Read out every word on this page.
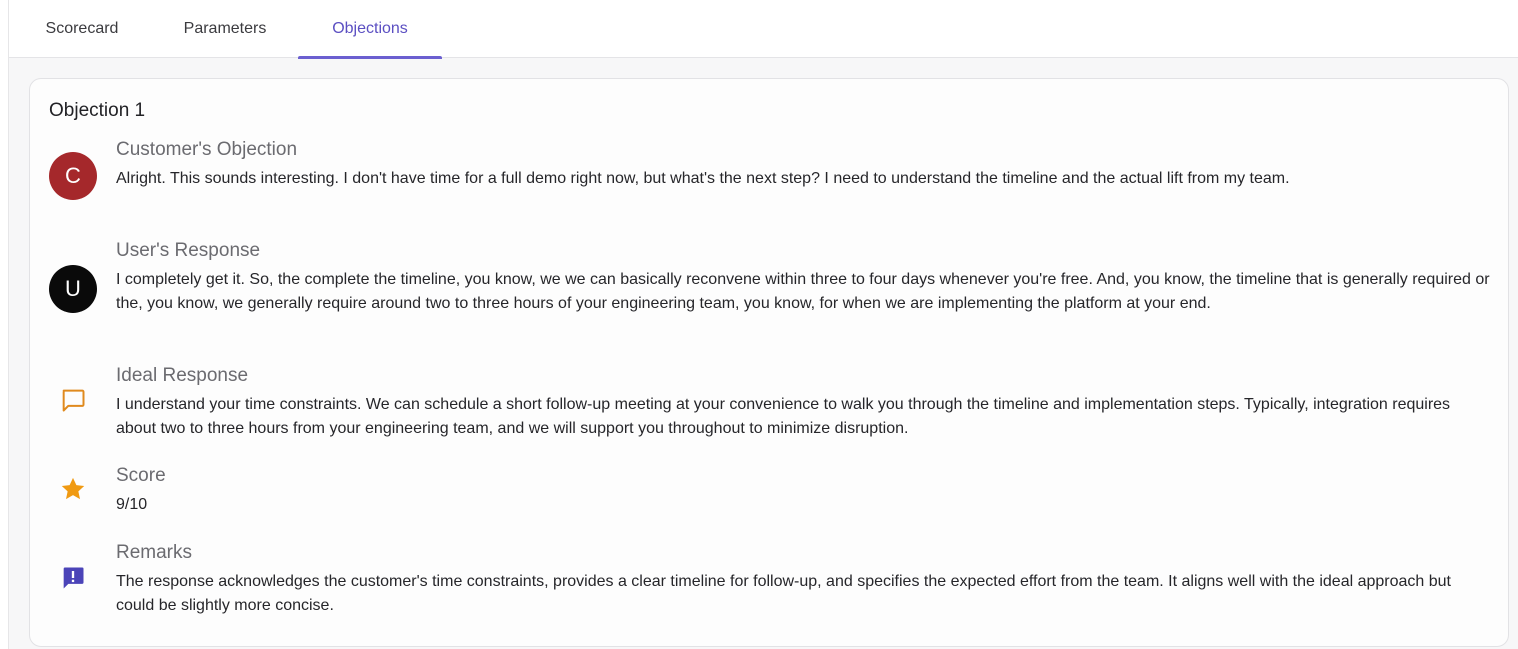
Scorecard	Parameters	Objections
Objection 1
C
Customer's Objection
Alright. This sounds interesting. I don't have time for a full demo right now, but what's the next step? I need to understand the timeline and the actual lift from my team.
U
User's Response
I completely get it. So, the complete the timeline, you know, we we can basically reconvene within three to four days whenever you're free. And, you know, the timeline that is generally required or the, you know, we generally require around two to three hours of your engineering team, you know, for when we are implementing the platform at your end.
Ideal Response
I understand your time constraints. We can schedule a short follow-up meeting at your convenience to walk you through the timeline and implementation steps. Typically, integration requires about two to three hours from your engineering team, and we will support you throughout to minimize disruption.
Score
9/10
Remarks
The response acknowledges the customer's time constraints, provides a clear timeline for follow-up, and specifies the expected effort from the team. It aligns well with the ideal approach but could be slightly more concise.
